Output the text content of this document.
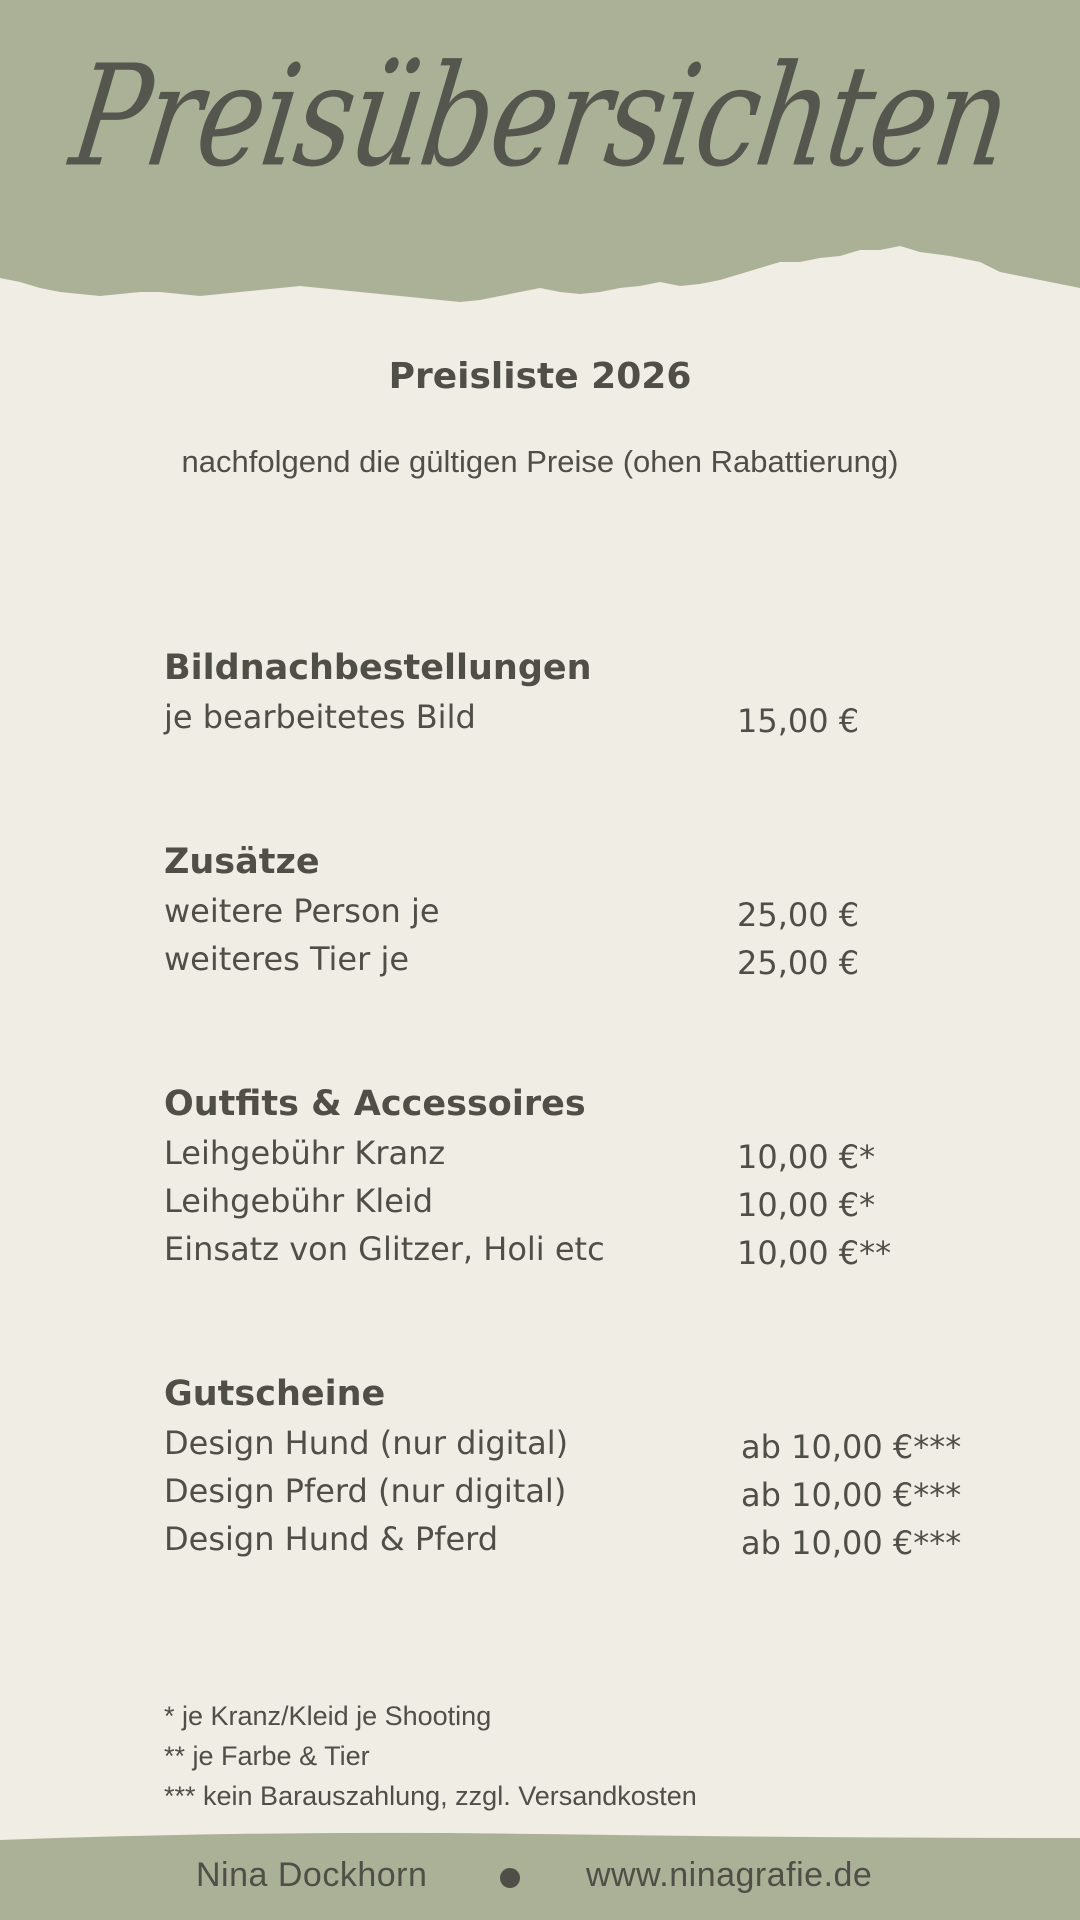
Preisübersichten
Preisliste 2026
nachfolgend die gültigen Preise (ohen Rabattierung)
Bildnachbestellungen
je bearbeitetes Bild	15,00 €
Zusätze
weitere Person je	25,00 €
weiteres Tier je	25,00 €
Outfits & Accessoires
Leihgebühr Kranz	10,00 €*
Leihgebühr Kleid	10,00 €*
Einsatz von Glitzer, Holi etc	10,00 €**
Gutscheine
Design Hund (nur digital)	ab 10,00 €***
Design Pferd (nur digital)	ab 10,00 €***
Design Hund & Pferd	ab 10,00 €***
* je Kranz/Kleid je Shooting
** je Farbe & Tier
*** kein Barauszahlung, zzgl. Versandkosten
Nina Dockhorn	www.ninagrafie.de
